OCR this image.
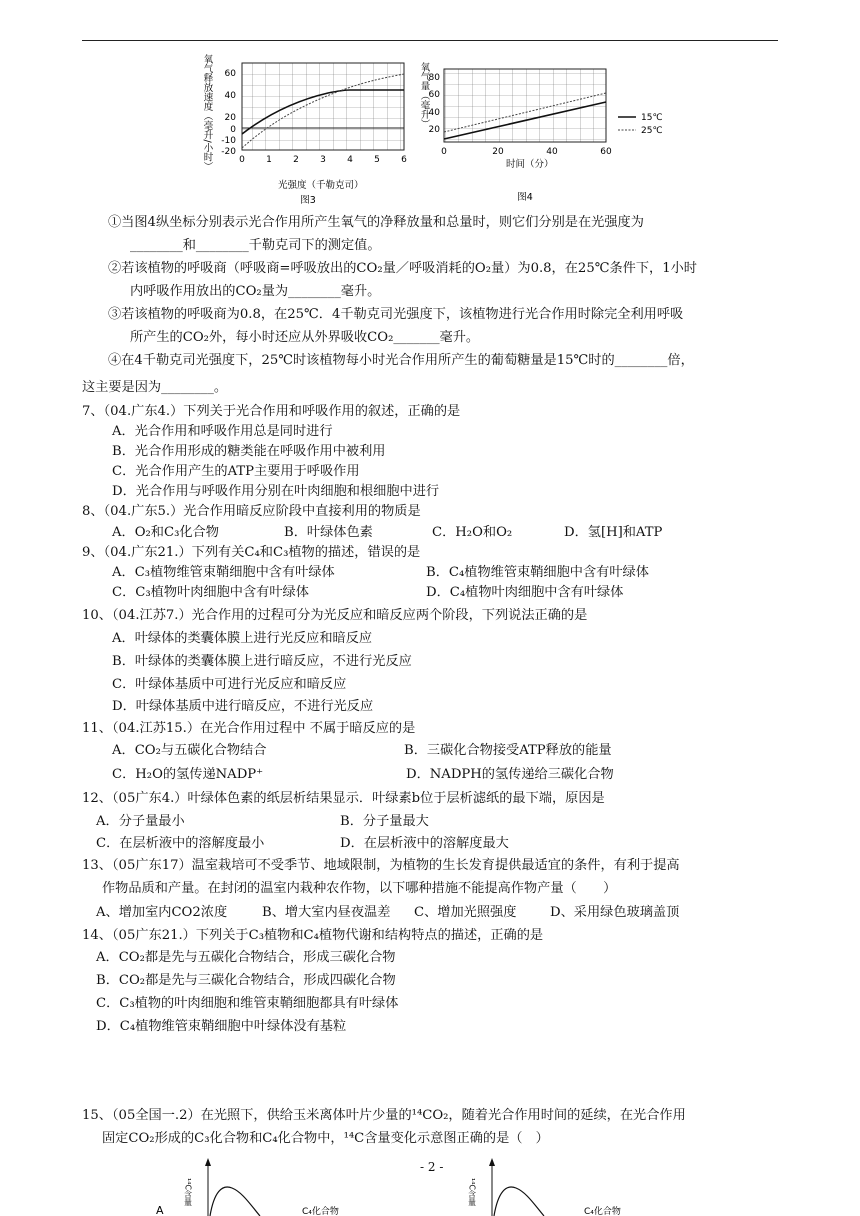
氧气释放速度（毫升/小时） 60
40
20
0
-10
-20
0 1 2 3 4 5 6
光强度（千勒克司）
图3
氧气量（毫升） 80
60
40
20
0	20	40	60
时间（分）
图4
15℃
25℃
①当图4纵坐标分别表示光合作用所产生氧气的净释放量和总量时，则它们分别是在光强度为
________和________千勒克司下的测定值。
②若该植物的呼吸商（呼吸商=呼吸放出的CO₂量／呼吸消耗的O₂量）为0.8，在25℃条件下，1小时
内呼吸作用放出的CO₂量为________毫升。
③若该植物的呼吸商为0.8，在25℃．4千勒克司光强度下，该植物进行光合作用时除完全利用呼吸
所产生的CO₂外，每小时还应从外界吸收CO₂_______毫升。
④在4千勒克司光强度下，25℃时该植物每小时光合作用所产生的葡萄糖量是15℃时的________倍，
这主要是因为________。
7、（04.广东4.）下列关于光合作用和呼吸作用的叙述，正确的是
A．光合作用和呼吸作用总是同时进行
B．光合作用形成的糖类能在呼吸作用中被利用
C．光合作用产生的ATP主要用于呼吸作用
D．光合作用与呼吸作用分别在叶肉细胞和根细胞中进行
8、（04.广东5.）光合作用暗反应阶段中直接利用的物质是
A．O₂和C₃化合物	B．叶绿体色素	C．H₂O和O₂	D．氢[H]和ATP
9、（04.广东21.）下列有关C₄和C₃植物的描述，错误的是
A．C₃植物维管束鞘细胞中含有叶绿体	B．C₄植物维管束鞘细胞中含有叶绿体
C．C₃植物叶肉细胞中含有叶绿体	D．C₄植物叶肉细胞中含有叶绿体
10、（04.江苏7.）光合作用的过程可分为光反应和暗反应两个阶段，下列说法正确的是
A．叶绿体的类囊体膜上进行光反应和暗反应
B．叶绿体的类囊体膜上进行暗反应，不进行光反应
C．叶绿体基质中可进行光反应和暗反应
D．叶绿体基质中进行暗反应，不进行光反应
11、（04.江苏15.）在光合作用过程中 不属于暗反应的是
A．CO₂与五碳化合物结合	B．三碳化合物接受ATP释放的能量
C．H₂O的氢传递NADP⁺	D．NADPH的氢传递给三碳化合物
12、（05广东4.）叶绿体色素的纸层析结果显示．叶绿素b位于层析滤纸的最下端，原因是
A．分子量最小	B．分子量最大
C．在层析液中的溶解度最小	D．在层析液中的溶解度最大
13、（05广东17）温室栽培可不受季节、地域限制，为植物的生长发育提供最适宜的条件，有利于提高
作物品质和产量。在封闭的温室内栽种农作物，以下哪种措施不能提高作物产量（　　）
A、增加室内CO2浓度	B、增大室内昼夜温差 C、增加光照强度	D、采用绿色玻璃盖顶
14、（05广东21.）下列关于C₃植物和C₄植物代谢和结构特点的描述，正确的是
A．CO₂都是先与五碳化合物结合，形成三碳化合物
B．CO₂都是先与三碳化合物结合，形成四碳化合物
C．C₃植物的叶肉细胞和维管束鞘细胞都具有叶绿体
D．C₄植物维管束鞘细胞中叶绿体没有基粒
15、（05全国一.2）在光照下，供给玉米离体叶片少量的¹⁴CO₂，随着光合作用时间的延续，在光合作用
固定CO₂形成的C₃化合物和C₄化合物中，¹⁴C含量变化示意图正确的是（　）
A
¹⁴C含量
C₄化合物
¹⁴C含量
C₄化合物
- 2 -
